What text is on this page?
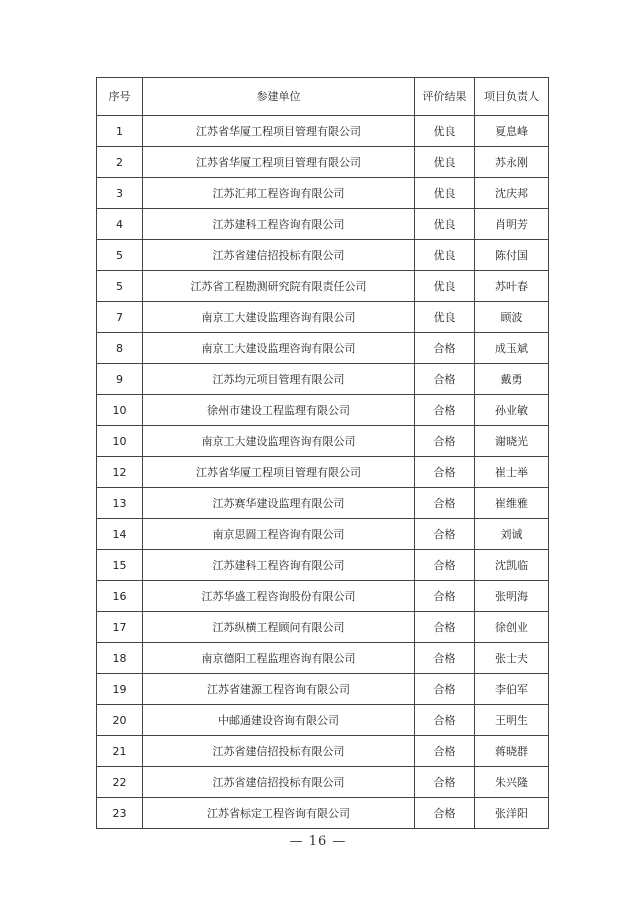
序号	参建单位	评价结果	项目负责人
1	江苏省华厦工程项目管理有限公司	优良	夏息峰
2	江苏省华厦工程项目管理有限公司	优良	苏永刚
3	江苏汇邦工程咨询有限公司	优良	沈庆邦
4	江苏建科工程咨询有限公司	优良	肖明芳
5	江苏省建信招投标有限公司	优良	陈付国
5	江苏省工程勘测研究院有限责任公司	优良	苏叶春
7	南京工大建设监理咨询有限公司	优良	顾波
8	南京工大建设监理咨询有限公司	合格	成玉斌
9	江苏均元项目管理有限公司	合格	戴勇
10	徐州市建设工程监理有限公司	合格	孙业敏
10	南京工大建设监理咨询有限公司	合格	谢晓光
12	江苏省华厦工程项目管理有限公司	合格	崔士举
13	江苏赛华建设监理有限公司	合格	崔维雅
14	南京思圆工程咨询有限公司	合格	刘诚
15	江苏建科工程咨询有限公司	合格	沈凯临
16	江苏华盛工程咨询股份有限公司	合格	张明海
17	江苏纵横工程顾问有限公司	合格	徐创业
18	南京德阳工程监理咨询有限公司	合格	张士夫
19	江苏省建源工程咨询有限公司	合格	李伯军
20	中邮通建设咨询有限公司	合格	王明生
21	江苏省建信招投标有限公司	合格	蒋晓群
22	江苏省建信招投标有限公司	合格	朱兴隆
23	江苏省标定工程咨询有限公司	合格	张洋阳
— 16 —
